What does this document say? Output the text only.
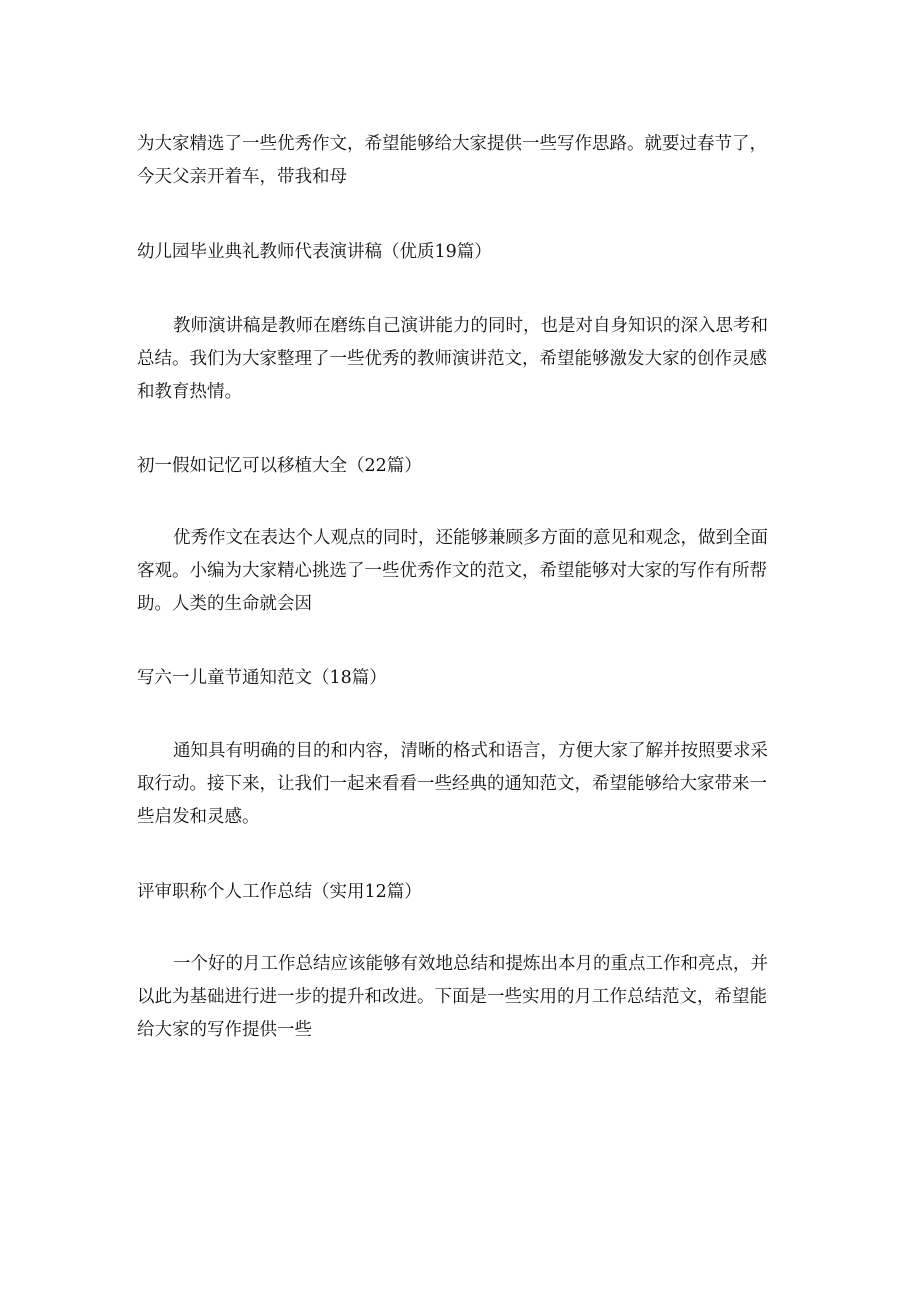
为大家精选了一些优秀作文，希望能够给大家提供一些写作思路。就要过春节了，今天父亲开着车，带我和母

幼儿园毕业典礼教师代表演讲稿（优质19篇）

教师演讲稿是教师在磨练自己演讲能力的同时，也是对自身知识的深入思考和总结。我们为大家整理了一些优秀的教师演讲范文，希望能够激发大家的创作灵感和教育热情。

初一假如记忆可以移植大全（22篇）

优秀作文在表达个人观点的同时，还能够兼顾多方面的意见和观念，做到全面客观。小编为大家精心挑选了一些优秀作文的范文，希望能够对大家的写作有所帮助。人类的生命就会因

写六一儿童节通知范文（18篇）

通知具有明确的目的和内容，清晰的格式和语言，方便大家了解并按照要求采取行动。接下来，让我们一起来看看一些经典的通知范文，希望能够给大家带来一些启发和灵感。

评审职称个人工作总结（实用12篇）

一个好的月工作总结应该能够有效地总结和提炼出本月的重点工作和亮点，并以此为基础进行进一步的提升和改进。下面是一些实用的月工作总结范文，希望能给大家的写作提供一些
